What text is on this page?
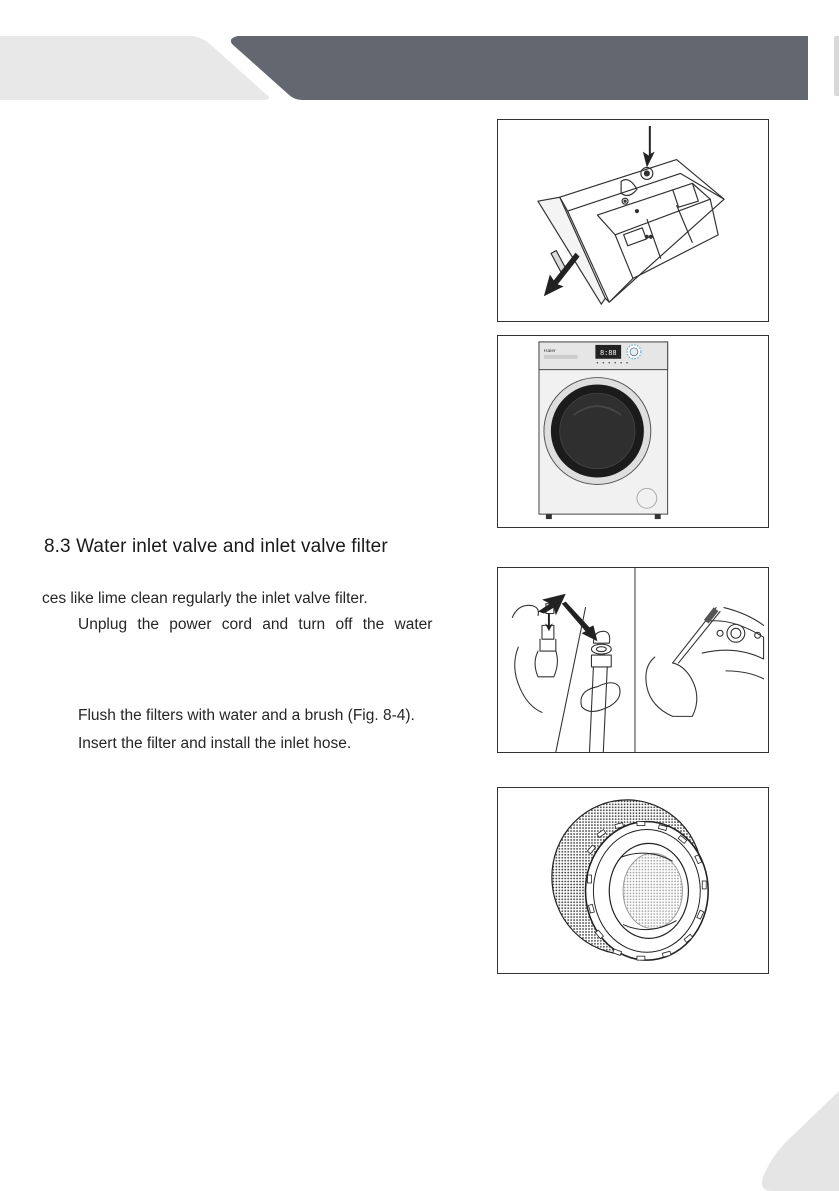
8:88
Haier
8.3 Water inlet valve and inlet valve filter

ces like lime clean regularly the inlet valve filter.

Unplug the power cord and turn off the water

Flush the filters with water and a brush (Fig. 8-4).

Insert the filter and install the inlet hose.
